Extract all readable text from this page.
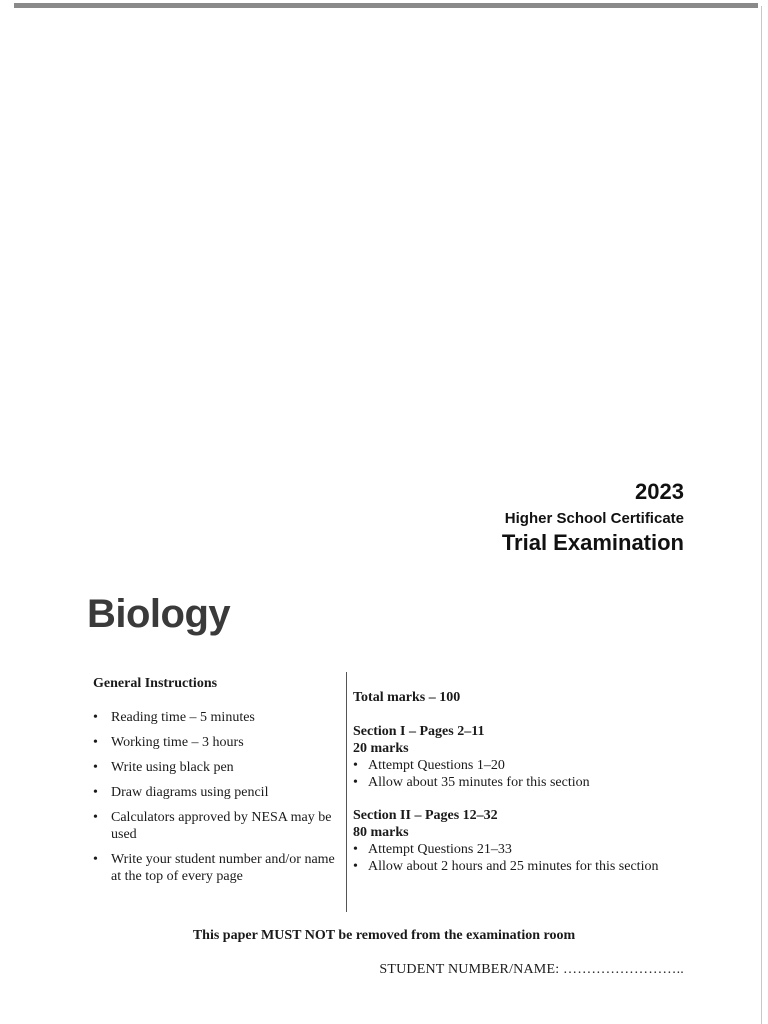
2023
Higher School Certificate
Trial Examination
Biology
General Instructions
• Reading time – 5 minutes
• Working time – 3 hours
• Write using black pen
• Draw diagrams using pencil
• Calculators approved by NESA may be used
• Write your student number and/or name at the top of every page

Total marks – 100

Section I – Pages 2–11

20 marks

• Attempt Questions 1–20
• Allow about 35 minutes for this section

Section II – Pages 12–32

80 marks

• Attempt Questions 21–33
• Allow about 2 hours and 25 minutes for this section

This paper MUST NOT be removed from the examination room

STUDENT NUMBER/NAME: ……………………..
